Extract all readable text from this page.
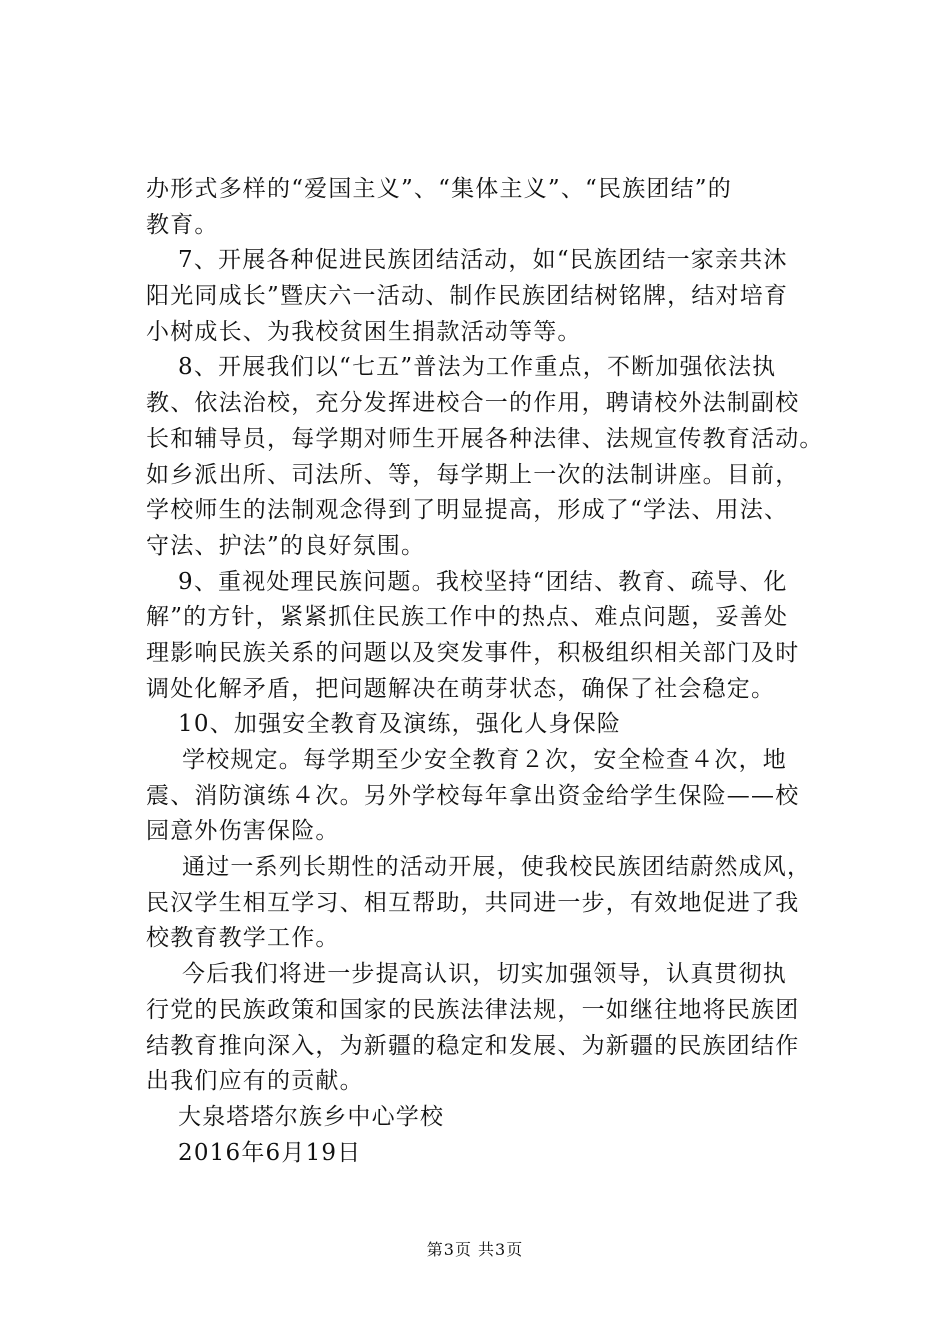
办形式多样的“爱国主义”、“集体主义”、“民族团结”的
教育。
7、开展各种促进民族团结活动，如“民族团结一家亲共沐
阳光同成长”暨庆六一活动、制作民族团结树铭牌，结对培育
小树成长、为我校贫困生捐款活动等等。
8、开展我们以“七五”普法为工作重点，不断加强依法执
教、依法治校，充分发挥进校合一的作用，聘请校外法制副校
长和辅导员，每学期对师生开展各种法律、法规宣传教育活动。
如乡派出所、司法所、等，每学期上一次的法制讲座。目前，
学校师生的法制观念得到了明显提高，形成了“学法、用法、
守法、护法”的良好氛围。
9、重视处理民族问题。我校坚持“团结、教育、疏导、化
解”的方针，紧紧抓住民族工作中的热点、难点问题，妥善处
理影响民族关系的问题以及突发事件，积极组织相关部门及时
调处化解矛盾，把问题解决在萌芽状态，确保了社会稳定。
10、加强安全教育及演练，强化人身保险
学校规定。每学期至少安全教育２次，安全检查４次，地
震、消防演练４次。另外学校每年拿出资金给学生保险——校
园意外伤害保险。
通过一系列长期性的活动开展，使我校民族团结蔚然成风，
民汉学生相互学习、相互帮助，共同进一步，有效地促进了我
校教育教学工作。
今后我们将进一步提高认识，切实加强领导，认真贯彻执
行党的民族政策和国家的民族法律法规，一如继往地将民族团
结教育推向深入，为新疆的稳定和发展、为新疆的民族团结作
出我们应有的贡献。
大泉塔塔尔族乡中心学校
2016年6月19日
第3页 共3页
